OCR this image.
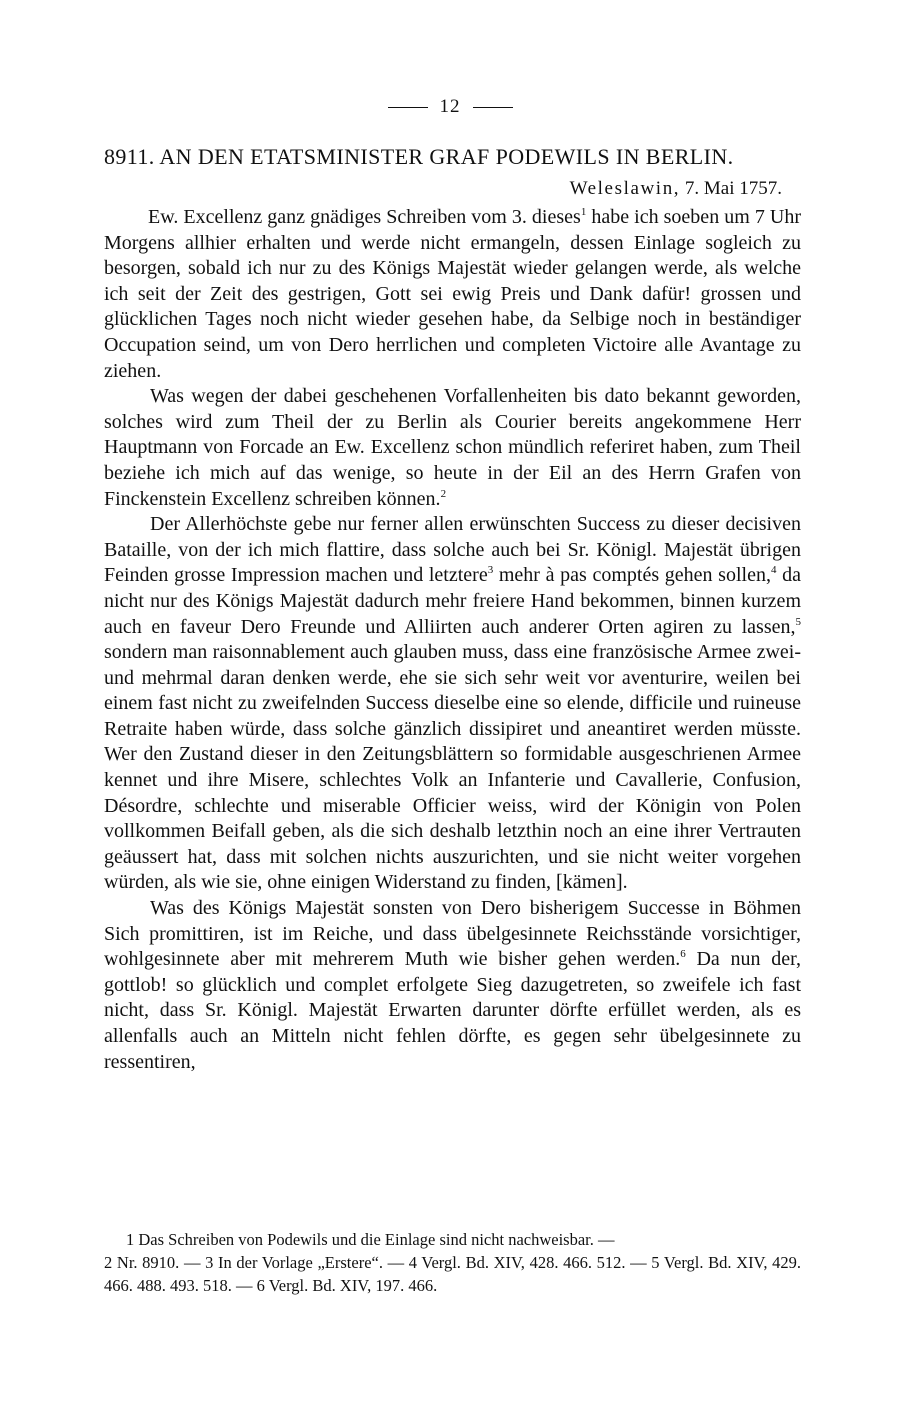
12
8911. AN DEN ETATSMINISTER GRAF PODEWILS IN BERLIN.
Weleslawin, 7. Mai 1757.

Ew. Excellenz ganz gnädiges Schreiben vom 3. dieses$^1$ habe ich soeben um 7 Uhr Morgens allhier erhalten und werde nicht ermangeln, dessen Einlage sogleich zu besorgen, sobald ich nur zu des Königs Majestät wieder gelangen werde, als welche ich seit der Zeit des gestrigen, Gott sei ewig Preis und Dank dafür! grossen und glücklichen Tages noch nicht wieder gesehen habe, da Selbige noch in beständiger Occupation seind, um von Dero herrlichen und completen Victoire alle Avantage zu ziehen.

Was wegen der dabei geschehenen Vorfallenheiten bis dato bekannt geworden, solches wird zum Theil der zu Berlin als Courier bereits angekommene Herr Hauptmann von Forcade an Ew. Excellenz schon mündlich referiret haben, zum Theil beziehe ich mich auf das wenige, so heute in der Eil an des Herrn Grafen von Finckenstein Excellenz schreiben können.$^2$

Der Allerhöchste gebe nur ferner allen erwünschten Success zu dieser decisiven Bataille, von der ich mich flattire, dass solche auch bei Sr. Königl. Majestät übrigen Feinden grosse Impression machen und letztere$^3$ mehr à pas comptés gehen sollen,$^4$ da nicht nur des Königs Majestät dadurch mehr freiere Hand bekommen, binnen kurzem auch en faveur Dero Freunde und Alliirten auch anderer Orten agiren zu lassen,$^5$ sondern man raisonnablement auch glauben muss, dass eine französische Armee zwei- und mehrmal daran denken werde, ehe sie sich sehr weit vor aventurire, weilen bei einem fast nicht zu zweifelnden Success dieselbe eine so elende, difficile und ruineuse Retraite haben würde, dass solche gänzlich dissipiret und aneantiret werden müsste. Wer den Zustand dieser in den Zeitungsblättern so formidable ausgeschrienen Armee kennet und ihre Misere, schlechtes Volk an Infanterie und Cavallerie, Confusion, Désordre, schlechte und miserable Officier weiss, wird der Königin von Polen vollkommen Beifall geben, als die sich deshalb letzthin noch an eine ihrer Vertrauten geäussert hat, dass mit solchen nichts auszurichten, und sie nicht weiter vorgehen würden, als wie sie, ohne einigen Widerstand zu finden, [kämen].

Was des Königs Majestät sonsten von Dero bisherigem Successe in Böhmen Sich promittiren, ist im Reiche, und dass übelgesinnete Reichsstände vorsichtiger, wohlgesinnete aber mit mehrerem Muth wie bisher gehen werden.$^6$ Da nun der, gottlob! so glücklich und complet erfolgete Sieg dazugetreten, so zweifele ich fast nicht, dass Sr. Königl. Majestät Erwarten darunter dörfte erfüllet werden, als es allenfalls auch an Mitteln nicht fehlen dörfte, es gegen sehr übelgesinnete zu ressentiren,

1 Das Schreiben von Podewils und die Einlage sind nicht nachweisbar. —

2 Nr. 8910. — 3 In der Vorlage „Erstere“. — 4 Vergl. Bd. XIV, 428. 466. 512. — 5 Vergl. Bd. XIV, 429. 466. 488. 493. 518. — 6 Vergl. Bd. XIV, 197. 466.
